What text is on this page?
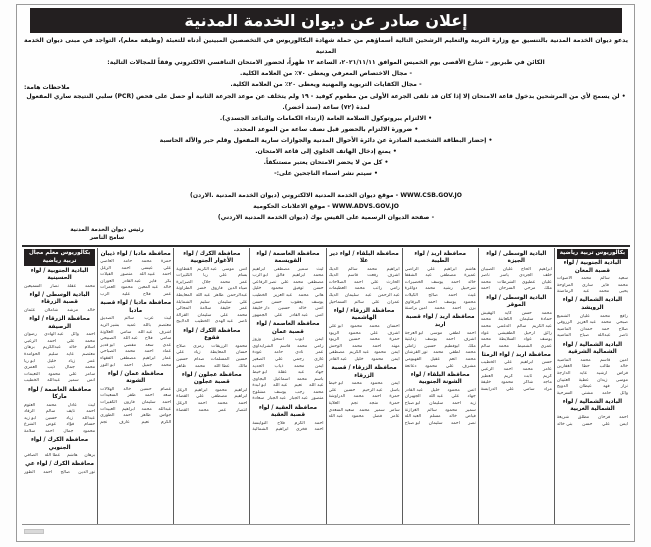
إعلان صادر عن ديوان الخدمة المدنية

يدعو ديوان الخدمة المدنية بالتنسيق مع وزارة التربية والتعليم الرشحين التالية أسماؤهم من حملة شهادة البكالوريوس في التخصصين المبينين أدناه للتعبئة (وظيفة معلم)، التواجد في مبنى ديوان الخدمة المدنية

الكائن في طبربور – شارع الأقصى يوم الخميس الموافق ٢٠٢١/١١/١١، الساعة ١٢ ظهراً، لحضور الامتحان التنافسي الالكتروني وفقاً للمجالات التالية:

- مجال الاختصاص المعرفي ويعطى ٧٠٪ من العلامة الكلية.

- مجال الكفايات التربوية والمهنية ويعطى ٢٠٪ من العلامة الكلية.

ملاحظات هامة:
• لن يسمح لأي من المرشحين بدخول قاعة الامتحان إلا إذا كان قد تلقى الجرعة الأولى من مطعوم كوفيد - ١٩ ولم يتخلف عن موعد الجرعة الثانية أو حصل على فحص (PCR) سلبي النتيجة ساري المفعول
لمدة (٧٢) ساعة (سند أخضر).
• الالتزام ببروتوكول السلامة العامة (ارتداء الكمامات والتباعد الجسدي).
• ضرورة الالتزام بالحضور قبل نصف ساعة من الموعد المحدد.
• إحضار البطاقة الشخصية الصادرة عن دائرة الأحوال المدنية والجوازات سارية المفعول وقلم حبر والآلة الحاسبة
• يمنع إدخال الهاتف الخلوي إلى قاعة الامتحان.
• كل من لا يحضر الامتحان يعتبر مستنكفاً.
• سيتم نشر اسماء الناجحين على:-
WWW.CSB.GOV.JO - موقع ديوان الخدمة المدنية الالكتروني (ديوان الخدمة المدنية .الاردن)
WWW.ADVS.GOV.JO - موقع الاعلانات الحكومية
- صفحة الديوان الرسمية على الفيس بوك (ديوان الخدمة المدنية الاردني)
رئيس ديوان الخدمة المدنية
سامح الناصر
بكالوريوس تربية رياضية
البادية الجنوبية / لواء قصبة المعان
سعيد
سالم
محمد
الاصوات
محمد
فايز
ساري
المراوحة
يحيى
محمد
عبد
الرماضنة
البادية الشمالية / لواء الرويشد
رافع
محمد
عليان
الشميع
صبحي
محمد
عبد العزيز
الزروقي
صلاح
حمد
حمدان
الماضيد
ناصر
عبدالله
صباح
الماضيد
البادية الشمالية / لواء الشمالية الشرقية
امين
قاسم
محمد
الماضيد
خالد
طالب
حطا
الغفارين
فراس
ارشيد
عايد
الدارجة
موسى
زيدان
عطية
العتيبان
نزار
فهد
عيطان
الدويج
وائل
حامد
مشني
السرحية
البادية الشمالية / لواء الشمالية الغربية
احمد
فرحان
مطلق
شريعة
ايمن
علي
حسن
بني خالد
البادية الوسطى / لواء الجيزة
ابراهيم
الحاج
عليان
الصبيان
خلف
الجردي
ياسر
ناصر
عليان
عطيوي
الشرطات
محمد
ملك
مرحي
السرحان
احمد
البادية الوسطى / لواء الموقر
محمد
حسن
كايد
الهقيش
حمادة
سليمان
الكعابنة
محمد
عبد الكريم
سالم
الدغمي
محمد
رائق
ارحيل
الطفيشي
عواد
يوسف
عواد
السلايطة
محمد
عمري
الشميط
محمد
سالم
محافظة اربد / لواء الرمثا
حسن
ابراهيم
علي
الخطيب
عامر
محمد
احمد
الزعبي
كريم
ثابت
كريم
العطير
ماجد
شاكر
محمود
خليفة
مراد
سامي
علي
الدرابسة
محافظة اربد / لواء الطيبة
هاشم
ابراهيم
علي
الراضي
عميرة
مصطفى
عيد
الشقفا
خالد
احمد
يوسف
الخضيرات
شرحبيل
رشيد
محمد
دواغرة
غيث
احمد
صالح
الكيلات
محمود
يوسف
احمد
البرقاوي
يزن
احمد
محمد
امين براسنة
محافظة اربد / لواء قصبة اربد
احمد
لطفي
موسى
ابو العرجة
اشرف
احمد
يوسف
زدايتية
ملك
ابوفطيم
حسين
زاملي
محمد
لطفي
محمد
نور القرشان
محمد
انعم
عقيل
الفهيومي
مشرف
علي
محمود
دعانعة
محافظة البلقاء / لواء الشونة الجنوبية
انس
محمود
خليل
عبد القادر
جهاد
علي
عبد الله
الجهيران
زيد
احمد
سليمان
ابو صباح
سمير
محمود
سالم
الغزازنة
فياض
خالد
مسلم
العبد الله
نصر
احمد
سليمان
ابو صباح
محافظة البلقاء / لواء دير علا
ابراهيم
محمد
سالم
الديك
اشرف
رفعت
قاسم
الديك
الحارث
علي
احمد
الصلاحات
رامي
راتب
محمد
العظيمات
عبد الرحمن
عبد
سليمان
الديك
عمران
علي
سالم
السماحيل
محافظة الزرقاء / لواء الهاشمية
احسان
محمد
محمود
ابو علي
اشرف
علي
محمود
الزيود
حمزة
محمد
حسين
الزيود
مهند
احمد
محمد
الوحش
ايمن
محمود
عبد الكريم
مصطفى
ايمن
محمود
خليل
عبد القادر
محافظة الزرقاء / قصبة الزرقاء
ايمن
محمود
محمد
ابو خيط
باسل
عبد الرحيم
حسين
علي
حمزة
احمد
محمد
الدراوشة
حمزة
منجد
نجم
العلاية
سامر
سمير
محمد
سعيد السعدي
عامر
فضل
محمود
عبد الله
محافظة العاصمة / لواء القويسمة
ليث
سمير
مصطفى
ابراهيم
محمد
ابراهيم
فالق
ابو الرب
مصطفى
محمد
علي
نصر الرفاعي
حسن
توفيق
محمود
خليل
هاني
محمد
عبد العزيز
الخطيب
يوسف
يعقوب
حسن
حسن
انس
خالد
حسين
دار خليفة
انس
عبد القادر
علي
الجمهور
محافظة العاصمة / لواء قصبة عمان
ايمن
ايوب
اسحق
وزوز
رامي
محمد
قاسم
الشرايداوي
عمر
نادي
حامد
عودة
غازي
رجمي
علي
الصغير
ايمن
محمد
ذياب
الحديد
جهاد
عبد
عقلة
ابو خيط
باسم
محمد
اسماعيل
البجاوي
عبد الله
نعيم
عبد الله
ابو لبدة
محمد
رجب
يوسف
مشلوح
منصور
عبد الجبار
عبد الجبار
سعادة
محافظة العقبة / لواء قصبة العقبة
احمد
الكرم
فلاح
النوايسة
احمد
فخري
ابراهيم
الشمالية
محافظة الكرك / لواء الأغوار الجنوبية
انس
موسى
عبد الكريم
القطاوية
بسام
علي
ربا
الكثيرات
عمر
محمد
جلال
الصرايرة
ضياء الدين
فاروق
خضر
الطراونة
عبدالرحمن
ظاهر
عبد الله
المعايطة
علي
سليمان
سليم
الشمايلة
عمر
خليفة
سلامة
المجالي
محمد
علي
سليمان
القرالة
ناصر
عبد الهدى
الخطيب
الدلابيح
محافظة الكرك / لواء فقوع
محمود
الزريقات
رمزي
صلاح
حسان
المعايطة
زياد
علي
حسين
المسلمات
صدام
حسين
مالك
عطا الله
محمد
ظاهر
محافظة عجلون / لواء قصبة عجلون
ابراهيم
محمود
ابراهيم
الزغل
ابراهيم
مصطفى
علي
القضاة
احمد
محمد
احمد
الزغل
انتصار
عمر
محمد
القضاة
محافظة مادبا / لواء ذيبان
حمزة
محمد
حامد
العاصي
علي
عيسى
احمد
الزغل
احمد
عبيد الله
منصور
الفيلات
بكر
فايز
عبد القادر
العوران
خالد
عبد المعين
محمود
العمرات
عمر
فلاح
عليه
الرب
محافظة مادبا / لواء قصبة مادبا
ليث
عرب
سالم
الصديق
معتصم
بالله
عميد
بشير الزيد
اشرف
عبد الله
سامي
العلاونة
سامي
فلاح
عبد الله
الصبيحي
عدي
سعد
مفضي
ابو قدير
عماد
احمد
محمد
الصباحي
عمار
ابراهيم
مصطفى
الفقهاء
محمد
جميل
احمد
ابو النور
محافظة عمان / لواء الشونة
عصام
حسين
خالد
الهلالات
سعد
احمد
ظفر
السعيدات
احمد
سليمان
فارون
الكفيرات
عبدالله
محمد
ابراهيم
العبيدات
جواس
ظاهر
احمد
الطوري
الكرم
نعيم
عارف
نجم
بكالوريوس معلم مجال تربية رياضية
البادية الجنوبية / لواء الحسينية
محمد
عقلة
نصار
السميعين
البادية الوسطى / لواء قصبة الزرقاء
خالد
مرشد
شاملان
عثمان
محافظة الزرقاء / لواء الرصيفة
احمد
وائل
عبد الهادي
رضوان
محمد
علي
احمد
الزعبي
اسلام
خالد
عبدالكريم
برهان
معتصم
عايد
سليم
الحوامدة
عمر
زياد
خليل
ابو ريا
محمد
جمال
ذيب
العمري
سامر
علي
محمود
النعيمات
انس
سمير
عبدالله
الخطيب
محافظة العاصمة / لواء ماركا
ليث
عادل
محمد
العتوم
احمد
نايف
سالم
الرقاد
عبدالله
زياد
حسين
ابو زيد
حسام
فؤاد
عوض
الشرع
محمود
جمال
احمد
سلامة
محافظة الكرك / لواء الجنوبي
برهان
هاشم
عطا الله
الصافي
محافظة الكرك / لواء عي
نور الدين
صالح
احمد
الطور
